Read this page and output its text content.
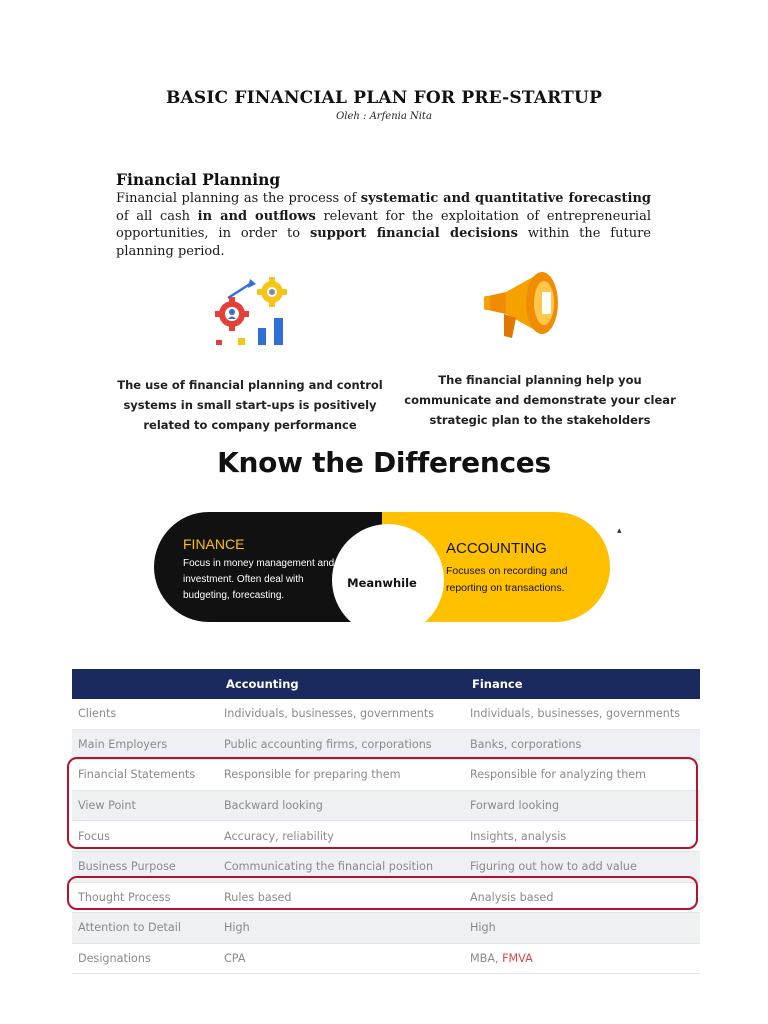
BASIC FINANCIAL PLAN FOR PRE-STARTUP
Oleh : Arfenia Nita
Financial Planning
Financial planning as the process of systematic and quantitative forecasting of all cash in and outflows relevant for the exploitation of entrepreneurial opportunities, in order to support financial decisions within the future planning period.
The use of financial planning and control systems in small start-ups is positively related to company performance
The financial planning help you communicate and demonstrate your clear strategic plan to the stakeholders
Know the Differences
Meanwhile
FINANCE
Focus in money management and investment. Often deal with budgeting, forecasting.
ACCOUNTING
Focuses on recording and reporting on transactions.
▴
	Accounting	Finance
Clients	Individuals, businesses, governments	Individuals, businesses, governments
Main Employers	Public accounting firms, corporations	Banks, corporations
Financial Statements	Responsible for preparing them	Responsible for analyzing them
View Point	Backward looking	Forward looking
Focus	Accuracy, reliability	Insights, analysis
Business Purpose	Communicating the financial position	Figuring out how to add value
Thought Process	Rules based	Analysis based
Attention to Detail	High	High
Designations	CPA	MBA, FMVA
